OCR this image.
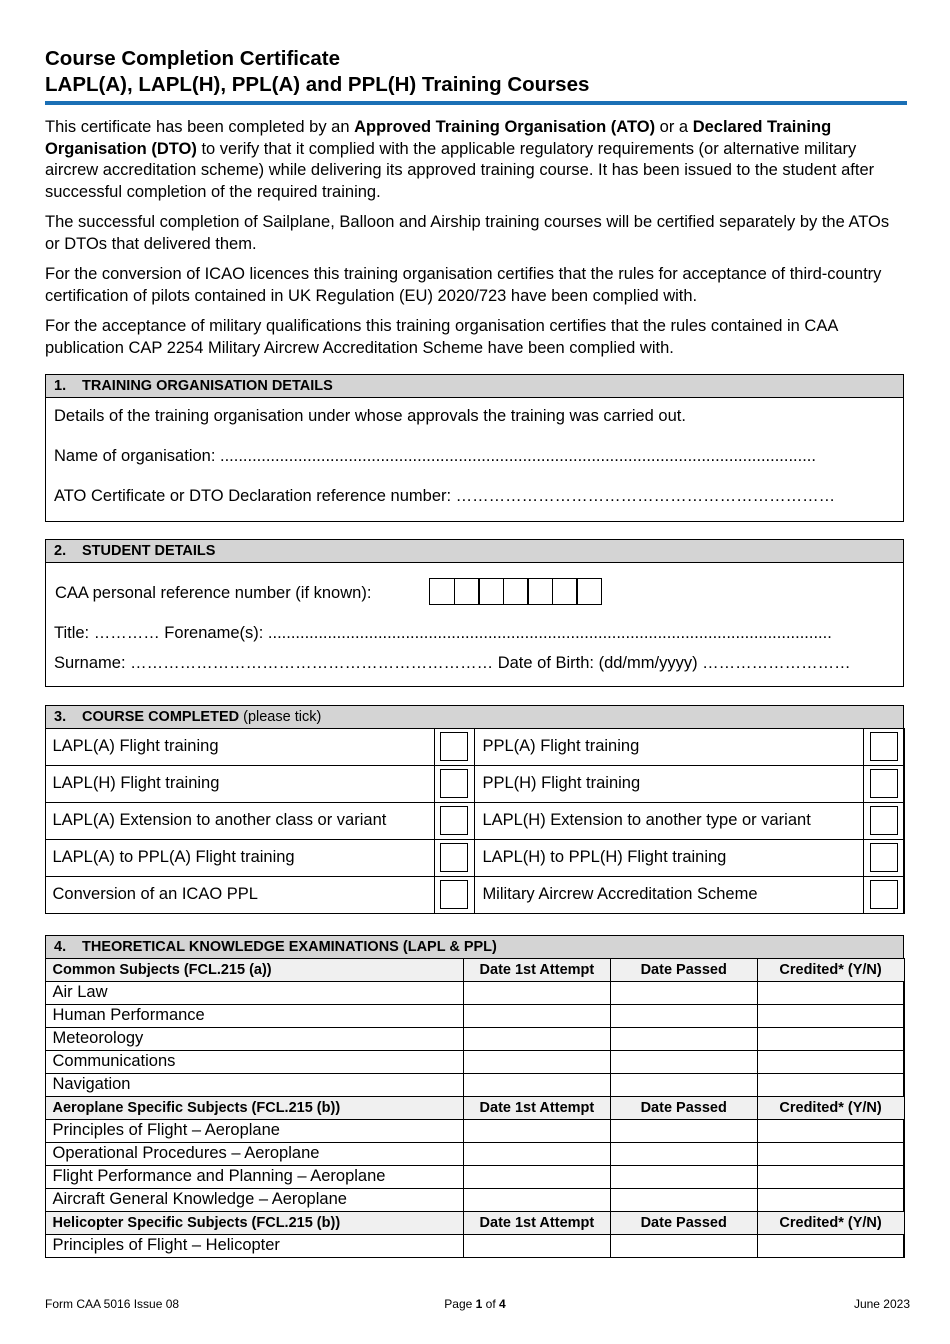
Course Completion Certificate
LAPL(A), LAPL(H), PPL(A) and PPL(H) Training Courses

This certificate has been completed by an Approved Training Organisation (ATO) or a Declared Training Organisation (DTO) to verify that it complied with the applicable regulatory requirements (or alternative military aircrew accreditation scheme) while delivering its approved training course. It has been issued to the student after successful completion of the required training.

The successful completion of Sailplane, Balloon and Airship training courses will be certified separately by the ATOs or DTOs that delivered them.

For the conversion of ICAO licences this training organisation certifies that the rules for acceptance of third-country certification of pilots contained in UK Regulation (EU) 2020/723 have been complied with.

For the acceptance of military qualifications this training organisation certifies that the rules contained in CAA publication CAP 2254 Military Aircrew Accreditation Scheme have been complied with.

1. TRAINING ORGANISATION DETAILS
Details of the training organisation under whose approvals the training was carried out.
Name of organisation: ..................................................................................................................................
ATO Certificate or DTO Declaration reference number: ……………………………………………………………
2. STUDENT DETAILS
CAA personal reference number (if known):
Title: ………… Forename(s): ...........................................................................................................................
Surname: ………………………………………………………… Date of Birth: (dd/mm/yyyy) ………………………
3. COURSE COMPLETED (please tick)
LAPL(A) Flight training		PPL(A) Flight training	
LAPL(H) Flight training		PPL(H) Flight training	
LAPL(A) Extension to another class or variant		LAPL(H) Extension to another type or variant	
LAPL(A) to PPL(A) Flight training		LAPL(H) to PPL(H) Flight training	
Conversion of an ICAO PPL		Military Aircrew Accreditation Scheme	
4. THEORETICAL KNOWLEDGE EXAMINATIONS (LAPL & PPL)
Common Subjects (FCL.215 (a))	Date 1st Attempt	Date Passed	Credited* (Y/N)
Air Law			
Human Performance			
Meteorology			
Communications			
Navigation			
Aeroplane Specific Subjects (FCL.215 (b))	Date 1st Attempt	Date Passed	Credited* (Y/N)
Principles of Flight – Aeroplane			
Operational Procedures – Aeroplane			
Flight Performance and Planning – Aeroplane			
Aircraft General Knowledge – Aeroplane			
Helicopter Specific Subjects (FCL.215 (b))	Date 1st Attempt	Date Passed	Credited* (Y/N)
Principles of Flight – Helicopter			
Form CAA 5016 Issue 08	Page 1 of 4	June 2023
